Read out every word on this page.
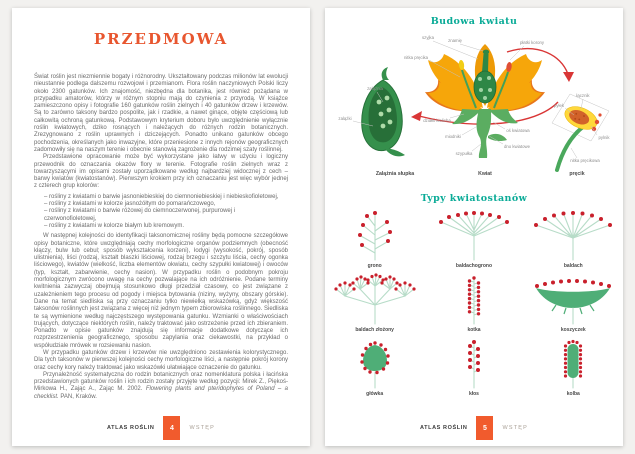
PRZEDMOWA

Świat roślin jest niezmiennie bogaty i różnorodny. Ukształtowany podczas milionów lat ewolucji nieustannie podlega dalszemu rozwojowi i przemianom. Flora roślin naczyniowych Polski liczy około 2300 gatunków. Ich znajomość, niezbędna dla botanika, jest również pożądana w przypadku amatorów, którzy w różnym stopniu mają do czynienia z przyrodą. W książce zamieszczono opisy i fotografie 160 gatunków roślin zielnych i 40 gatunków drzew i krzewów. Są to zarówno taksony bardzo pospolite, jak i rzadkie, a nawet ginące, objęte częściową lub całkowitą ochroną gatunkową. Podstawowym kryterium doboru było uwzględnienie wyłącznie roślin kwiatowych, dziko rosnących i należących do różnych rodzin botanicznych. Zrezygnowano z roślin uprawnych i dziczejących. Ponadto unikano gatunków obcego pochodzenia, określanych jako inwazyjne, które przeniesione z innych rejonów geograficznych zadomowiły się na naszym terenie i obecnie stanowią zagrożenie dla rodzimej szaty roślinnej.

Przedstawione opracowanie może być wykorzystane jako łatwy w użyciu i logiczny przewodnik do oznaczania okazów flory w terenie. Fotografie roślin zielnych wraz z towarzyszącymi im opisami zostały uporządkowane według najbardziej widocznej z cech – barwy kwiatów (kwiatostanów). Pierwszym krokiem przy ich oznaczaniu jest więc wybór jednej z czterech grup kolorów:

– rośliny z kwiatami o barwie jasnoniebieskiej do ciemnoniebieskiej i niebieskofioletowej,

– rośliny z kwiatami w kolorze jasnożółtym do pomarańczowego,

– rośliny z kwiatami o barwie różowej do ciemnoczerwonej, purpurowej i czerwonofioletowej,

– rośliny z kwiatami w kolorze białym lub kremowym.

W następnej kolejności do identyfikacji taksonomicznej rośliny będą pomocne szczegółowe opisy botaniczne, które uwzględniają cechy morfologiczne organów podziemnych (obecność kłączy, bulw lub cebul; sposób wykształcenia korzeni), łodygi (wysokość, pokrój, sposób ulistnienia), liści (rodzaj, kształt blaszki liściowej, rodzaj brzegu i szczytu liścia, cechy ogonka liściowego), kwiatów (wielkość, liczba elementów okwiatu, cechy szypułki kwiatowej) i owoców (typ, kształt, zabarwienie, cechy nasion). W przypadku roślin o podobnym pokroju morfologicznym zwrócono uwagę na cechy pozwalające na ich odróżnienie. Podane terminy kwitnienia zazwyczaj obejmują stosunkowo długi przedział czasowy, co jest związane z uzależnieniem tego procesu od pogody i miejsca bytowania (niziny, wyżyny, obszary górskie). Dane na temat siedliska są przy oznaczaniu tylko niewielką wskazówką, gdyż większość taksonów roślinnych jest związana z więcej niż jednym typem zbiorowiska roślinnego. Siedliska te są wymienione według najczęstszego występowania gatunku. Wzmianki o właściwościach trujących, dotyczące niektórych roślin, należy traktować jako ostrzeżenie przed ich zbieraniem. Ponadto w opisie gatunków znajdują się informacje dodatkowe dotyczące ich rozprzestrzenienia geograficznego, sposobu zapylania oraz ciekawostki, na przykład o współudziale mrówek w rozsiewaniu nasion.

W przypadku gatunków drzew i krzewów nie uwzględniono zestawienia kolorystycznego. Dla tych taksonów w pierwszej kolejności cechy morfologiczne liści, a następnie pokrój korony oraz cechy kory należy traktować jako wskazówki ułatwiające oznaczenie do gatunku.

Przynależność systematyczna do rodzin botanicznych oraz nomenklatura polska i łacińska przedstawionych gatunków roślin i ich rodzin zostały przyjęte według pozycji: Mirek Z., Piękoś-Mirkowa H., Zając A., Zając M. 2002. Flowering plants and pteridophytes of Poland – a checklist. PAN, Kraków.

ATLAS ROŚLIN	4	WSTĘP
Budowa kwiatu
szyjka
znamię	płatki korony
nitka pręcika
działki kielicha
miodniki
oś kwiatowa
dno kwiatowe
szypułka
zalążnia
zalążki
łącznik
pyłek
pylnik
nitka pręcikowa
Zalążnia słupka	Kwiat	pręcik
Typy kwiatostanów
grono	baldachogrono	baldach
baldach złożony	kotka	koszyczek
główka	kłos	kolba
ATLAS ROŚLIN	5	WSTĘP
